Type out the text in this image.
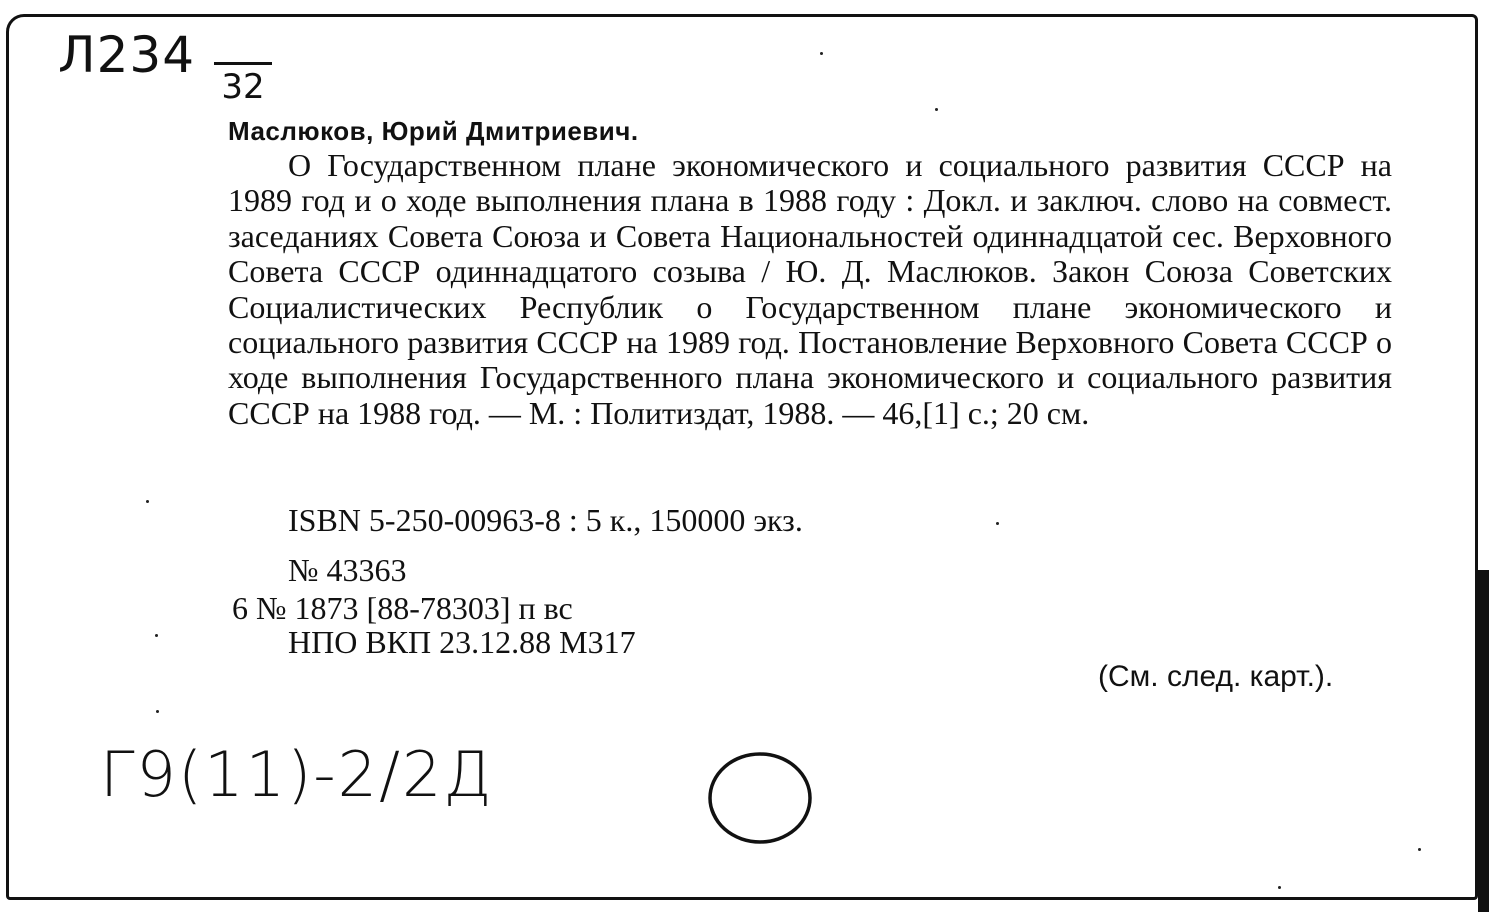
Л234
32
Маслюков, Юрий Дмитриевич.
О Государственном плане экономического и социального развития СССР на 1989 год и о ходе выполнения плана в 1988 году : Докл. и заключ. слово на совмест. заседаниях Совета Союза и Совета Национальностей одиннадцатой сес. Верховного Совета СССР одиннадцатого созыва / Ю. Д. Маслюков. Закон Союза Советских Социалистических Республик о Государственном плане экономического и социального развития СССР на 1989 год. Постановление Верховного Совета СССР о ходе выполнения Государственного плана экономического и социального развития СССР на 1988 год. — М. : Политиздат, 1988. — 46,[1] с.; 20 см.
ISBN 5-250-00963-8 : 5 к., 150000 экз.
№ 43363
6 № 1873 [88-78303] п вс
НПО ВКП 23.12.88 М317
(См. след. карт.).
Г9(11)-2/2Д
